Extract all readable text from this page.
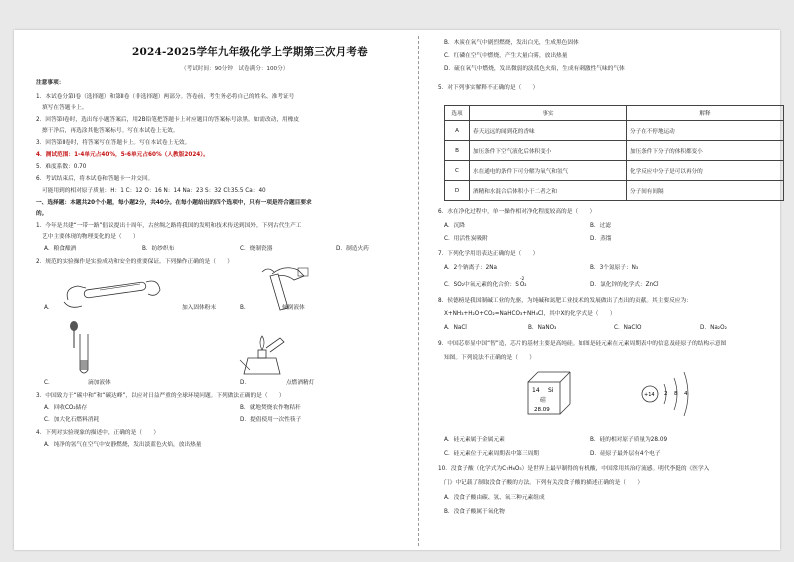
2024-2025学年九年级化学上学期第三次月考卷
（考试时间：90分钟　试卷满分：100分）
注意事项：
1．本试卷分第Ⅰ卷（选择题）和第Ⅱ卷（非选择题）两部分。答卷前，考生务必将自己的姓名、准考证号
填写在答题卡上。
2．回答第Ⅰ卷时，选出每小题答案后，用2B铅笔把答题卡上对应题目的答案标号涂黑。如需改动，用橡皮
擦干净后，再选涂其他答案标号。写在本试卷上无效。
3．回答第Ⅱ卷时，将答案写在答题卡上。写在本试卷上无效。
4．测试范围：1-4单元占40%，5-6单元占60%（人教版2024）。
5．难度系数：0.70
6．考试结束后，将本试卷和答题卡一并交回。
可能用到的相对原子质量：H：1 C：12 O：16 N：14 Na：23 S：32 Cl:35.5 Ca：40
一、选择题：本题共20个小题，每小题2分，共40分。在每小题给出的四个选项中，只有一项是符合题目要求
的。
1．今年是共建“一带一路”倡议提出十周年，古丝绸之路将我国的发明和技术传送到国外，下列古代生产工
艺中主要体现的物理变化的是（　　）
A．粮食酿酒	B．纺纱织布	C．烧制瓷器	D．制造火药
2．规范的实验操作是实验成功和安全的重要保证。下列操作正确的是（　　）
A．	加入固体粉末	B．	倾倒液体
C．	滴加液体	D．	点燃酒精灯
3．中国致力于“碳中和”和“碳达峰”，以应对日益严重的全球环境问题。下列做法正确的是（　　）
A．回收CO₂储存	B．就地焚烧农作物秸秆
C．加大化石燃料消耗	D．提倡使用一次性筷子
4．下列对实验现象的描述中，正确的是（　　）
A．纯净的氢气在空气中安静燃烧，发出淡蓝色火焰，放出热量
B．木炭在氧气中剧烈燃烧，发出白光，生成黑色固体
C．红磷在空气中燃烧，产生大量白雾，放出热量
D．硫在氧气中燃烧，发出微弱的淡蓝色火焰，生成有刺激性气味的气体
5．对下列事实解释不正确的是（　　）
选项	事实	解释
A	春天远远的闻到花的香味	分子在不停地运动
B	加压条件下空气液化后体积变小	加压条件下分子的体积都变小
C	水在通电的条件下可分解为氧气和氢气	化学反应中分子是可以再分的
D	酒精和水混合后体积小于二者之和	分子间有间隔
6．水在净化过程中，单一操作相对净化程度较高的是（　　）
A．沉降	B．过滤
C．用活性炭吸附	D．蒸馏
7．下列化学用语表达正确的是（　　）
A．2个钠离子：2Na	B．3个氮原子：N₃
C．SO₂中氧元素的化合价：S
-2
O₂	D．氯化锌的化学式：ZnCl
8．侯德榜是我国制碱工业的先驱，为纯碱和氮肥工业技术的发展做出了杰出的贡献。其主要反应为：
X+NH₃+H₂O+CO₂=NaHCO₃+NH₄Cl，其中X的化学式是（　　）
A．NaCl	B．NaNO₃	C．NaClO	D．Na₂O₂
9．中国芯彰显中国“智”造，芯片的基材主要是高纯硅。如图是硅元素在元素周期表中的信息及硅原子的结构示意图
知图。下列说法不正确的是（　　）
14 Si
硅
28.09
+14 2 8 4
A．硅元素属于金属元素	B．硅的相对原子质量为28.09
C．硅元素位于元素周期表中第三周期	D．硅原子最外层有4个电子
10．没食子酸（化学式为C₇H₆O₅）是世界上最早制得的有机酸，中国常用其治疗流感。明代李挺的《医学入
门》中记载了制取没食子酸的方法。下列有关没食子酸的描述正确的是（　　）
A．没食子酸由碳、氢、氧三种元素组成
B．没食子酸属于氧化物
